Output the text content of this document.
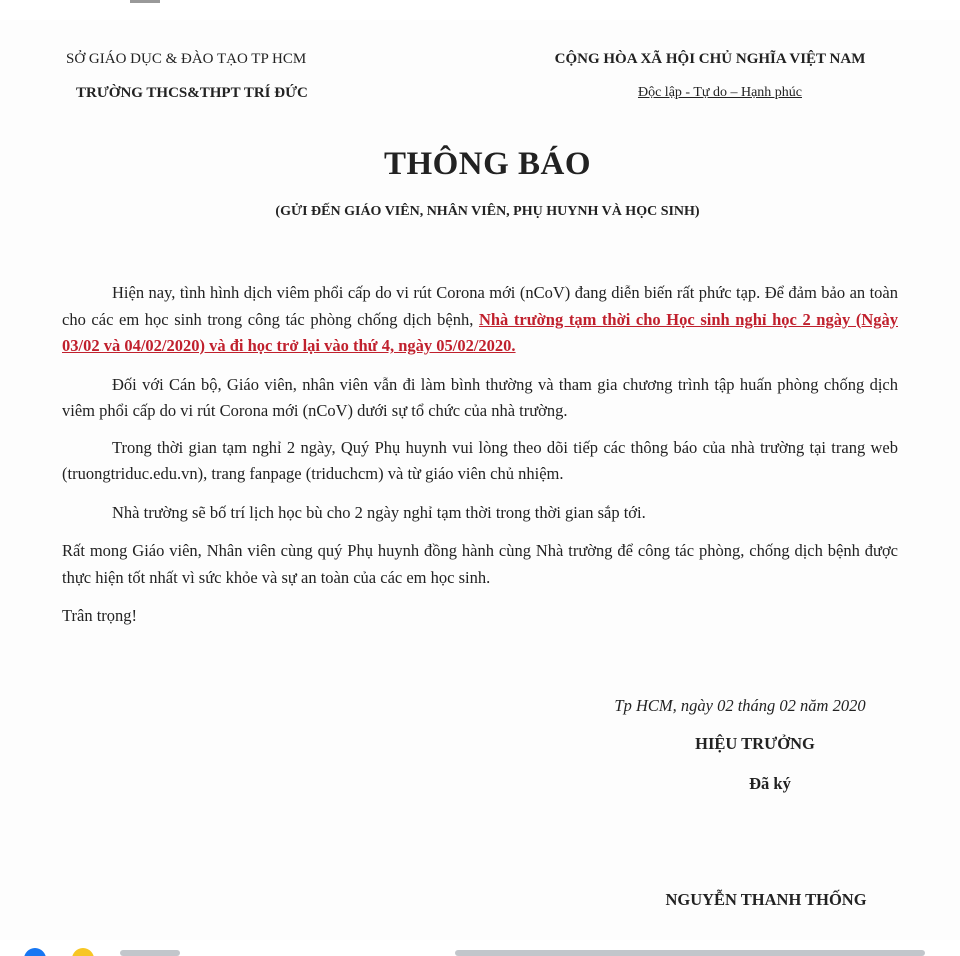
SỞ GIÁO DỤC & ĐÀO TẠO TP HCM
TRƯỜNG THCS&THPT TRÍ ĐỨC
CỘNG HÒA XÃ HỘI CHỦ NGHĨA VIỆT NAM
Độc lập - Tự do – Hạnh phúc
THÔNG BÁO
(GỬI ĐẾN GIÁO VIÊN, NHÂN VIÊN, PHỤ HUYNH VÀ HỌC SINH)

Hiện nay, tình hình dịch viêm phổi cấp do vi rút Corona mới (nCoV) đang diễn biến rất phức tạp. Để đảm bảo an toàn cho các em học sinh trong công tác phòng chống dịch bệnh, Nhà trường tạm thời cho Học sinh nghỉ học 2 ngày (Ngày 03/02 và 04/02/2020) và đi học trở lại vào thứ 4, ngày 05/02/2020.

Đối với Cán bộ, Giáo viên, nhân viên vẫn đi làm bình thường và tham gia chương trình tập huấn phòng chống dịch viêm phổi cấp do vi rút Corona mới (nCoV) dưới sự tổ chức của nhà trường.

Trong thời gian tạm nghỉ 2 ngày, Quý Phụ huynh vui lòng theo dõi tiếp các thông báo của nhà trường tại trang web (truongtriduc.edu.vn), trang fanpage (triduchcm) và từ giáo viên chủ nhiệm.

Nhà trường sẽ bố trí lịch học bù cho 2 ngày nghỉ tạm thời trong thời gian sắp tới.

Rất mong Giáo viên, Nhân viên cùng quý Phụ huynh đồng hành cùng Nhà trường để công tác phòng, chống dịch bệnh được thực hiện tốt nhất vì sức khỏe và sự an toàn của các em học sinh.

Trân trọng!

Tp HCM, ngày 02 tháng 02 năm 2020
HIỆU TRƯỞNG
Đã ký
NGUYỄN THANH THỐNG
